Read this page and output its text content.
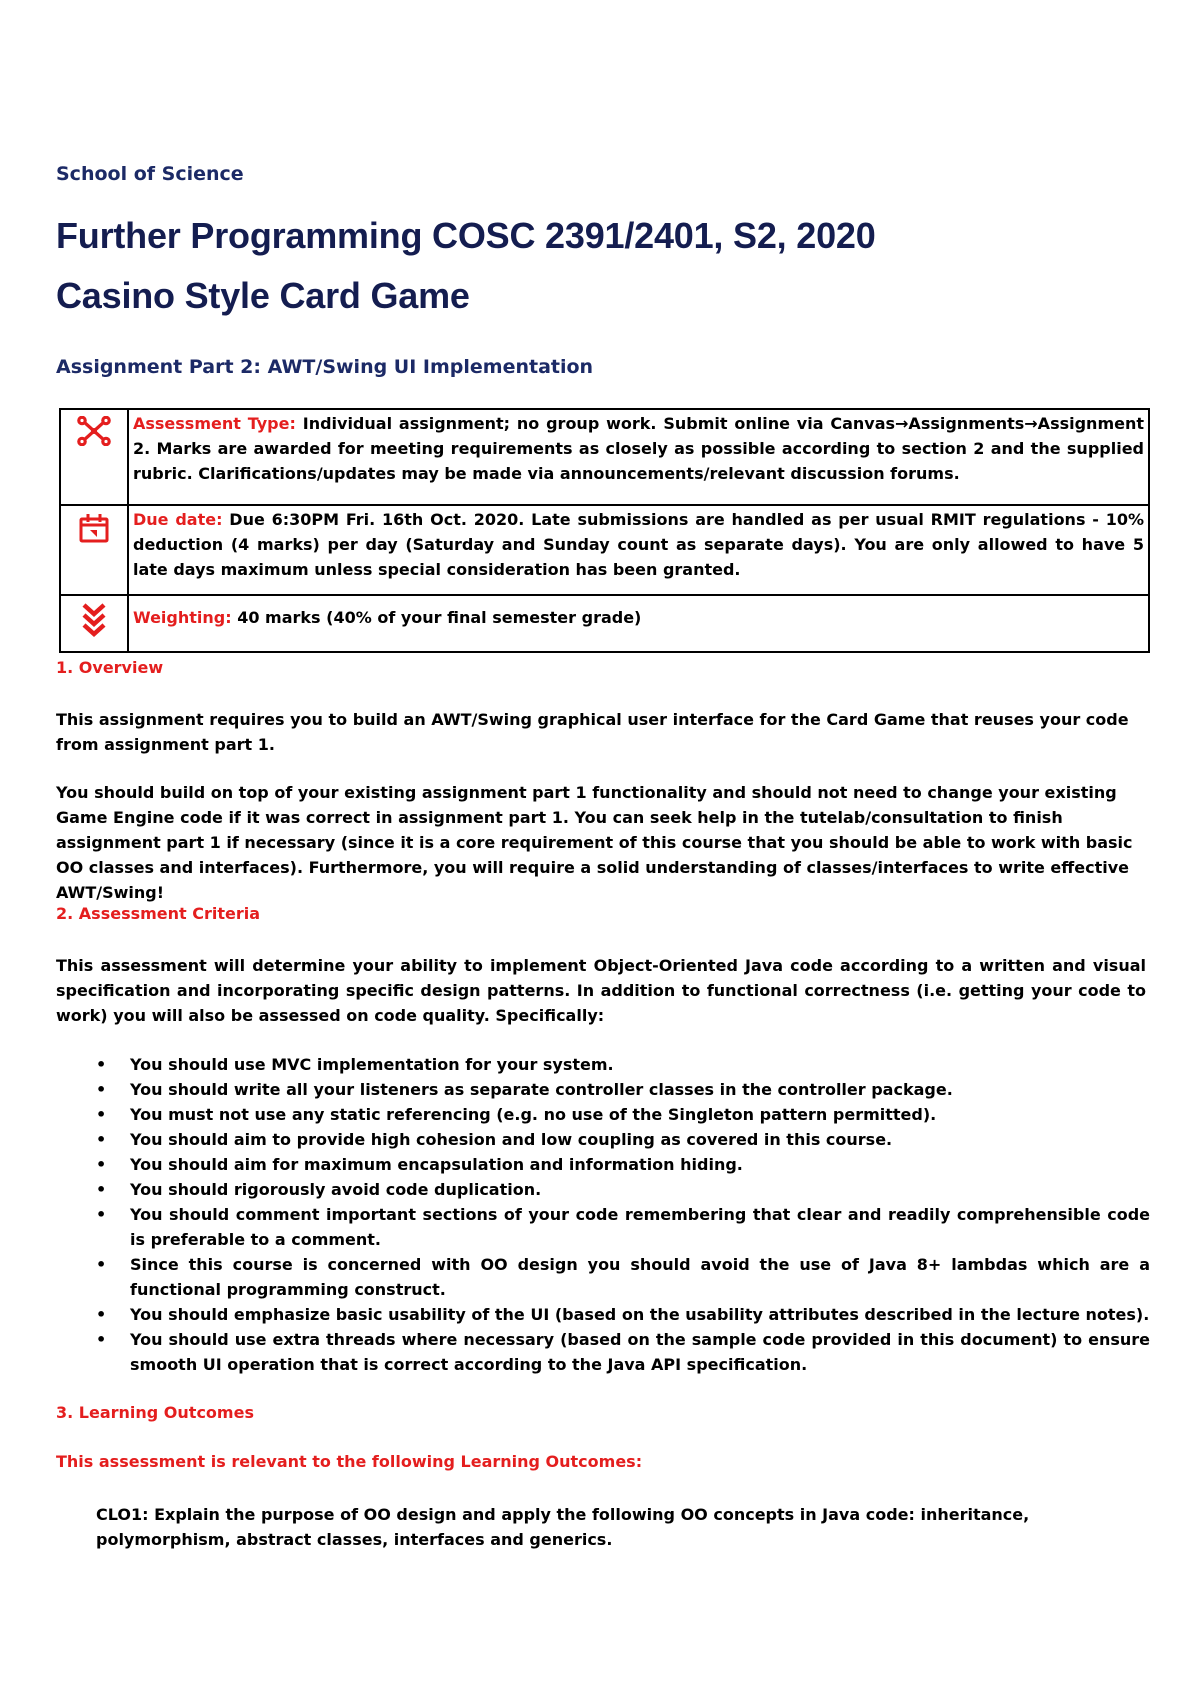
School of Science
Further Programming COSC 2391/2401, S2, 2020
Casino Style Card Game
Assignment Part 2: AWT/Swing UI Implementation
	Assessment Type: Individual assignment; no group work. Submit online via Canvas→Assignments→Assignment 2. Marks are awarded for meeting requirements as closely as possible according to section 2 and the supplied rubric. Clarifications/updates may be made via announcements/relevant discussion forums.

	Due date: Due 6:30PM Fri. 16th Oct. 2020. Late submissions are handled as per usual RMIT regulations - 10% deduction (4 marks) per day (Saturday and Sunday count as separate days). You are only allowed to have 5 late days maximum unless special consideration has been granted.

	Weighting: 40 marks (40% of your final semester grade)
1. Overview

This assignment requires you to build an AWT/Swing graphical user interface for the Card Game that reuses your code from assignment part 1.

You should build on top of your existing assignment part 1 functionality and should not need to change your existing Game Engine code if it was correct in assignment part 1. You can seek help in the tutelab/consultation to finish assignment part 1 if necessary (since it is a core requirement of this course that you should be able to work with basic OO classes and interfaces). Furthermore, you will require a solid understanding of classes/interfaces to write effective AWT/Swing!

2. Assessment Criteria

This assessment will determine your ability to implement Object-Oriented Java code according to a written and visual specification and incorporating specific design patterns. In addition to functional correctness (i.e. getting your code to work) you will also be assessed on code quality. Specifically:

• You should use MVC implementation for your system.
• You should write all your listeners as separate controller classes in the controller package.
• You must not use any static referencing (e.g. no use of the Singleton pattern permitted).
• You should aim to provide high cohesion and low coupling as covered in this course.
• You should aim for maximum encapsulation and information hiding.
• You should rigorously avoid code duplication.
• You should comment important sections of your code remembering that clear and readily comprehensible code is preferable to a comment.
• Since this course is concerned with OO design you should avoid the use of Java 8+ lambdas which are a functional programming construct.
• You should emphasize basic usability of the UI (based on the usability attributes described in the lecture notes).
• You should use extra threads where necessary (based on the sample code provided in this document) to ensure smooth UI operation that is correct according to the Java API specification.
3. Learning Outcomes
This assessment is relevant to the following Learning Outcomes:

CLO1: Explain the purpose of OO design and apply the following OO concepts in Java code: inheritance, polymorphism, abstract classes, interfaces and generics.
